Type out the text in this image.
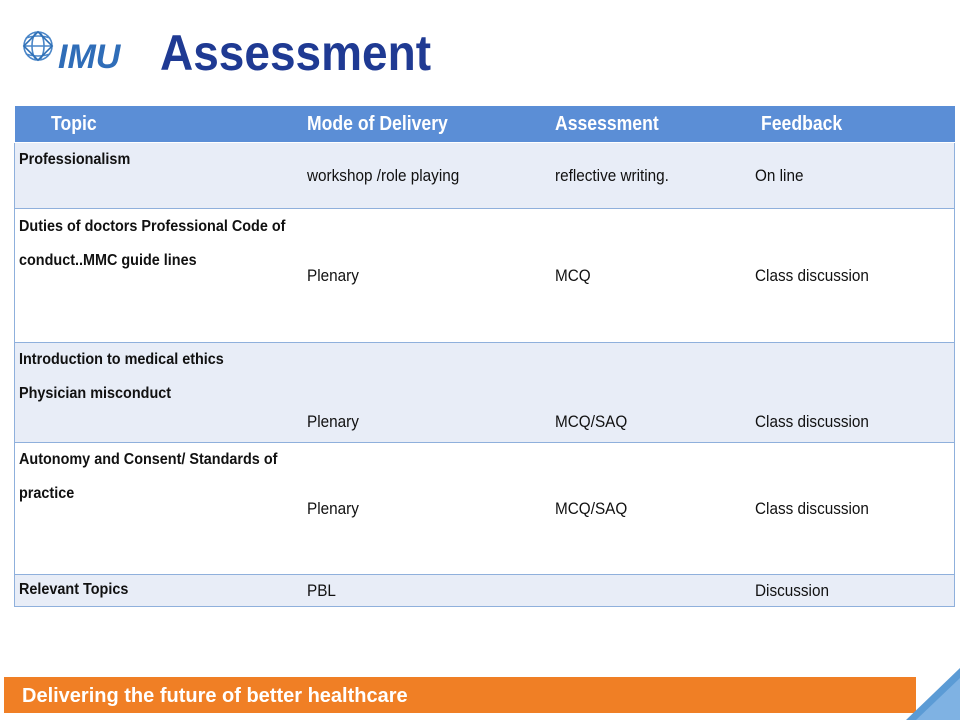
IMU Assessment
Topic	Mode of Delivery	Assessment	Feedback
Professionalism	workshop /role playing	reflective writing.	On line
Duties of doctors Professional Code of conduct..MMC guide lines	Plenary	MCQ	Class discussion
Introduction to medical ethics Physician misconduct	Plenary	MCQ/SAQ	Class discussion
Autonomy and Consent/ Standards of practice	Plenary	MCQ/SAQ	Class discussion
Relevant Topics	PBL		Discussion
Delivering the future of better healthcare
